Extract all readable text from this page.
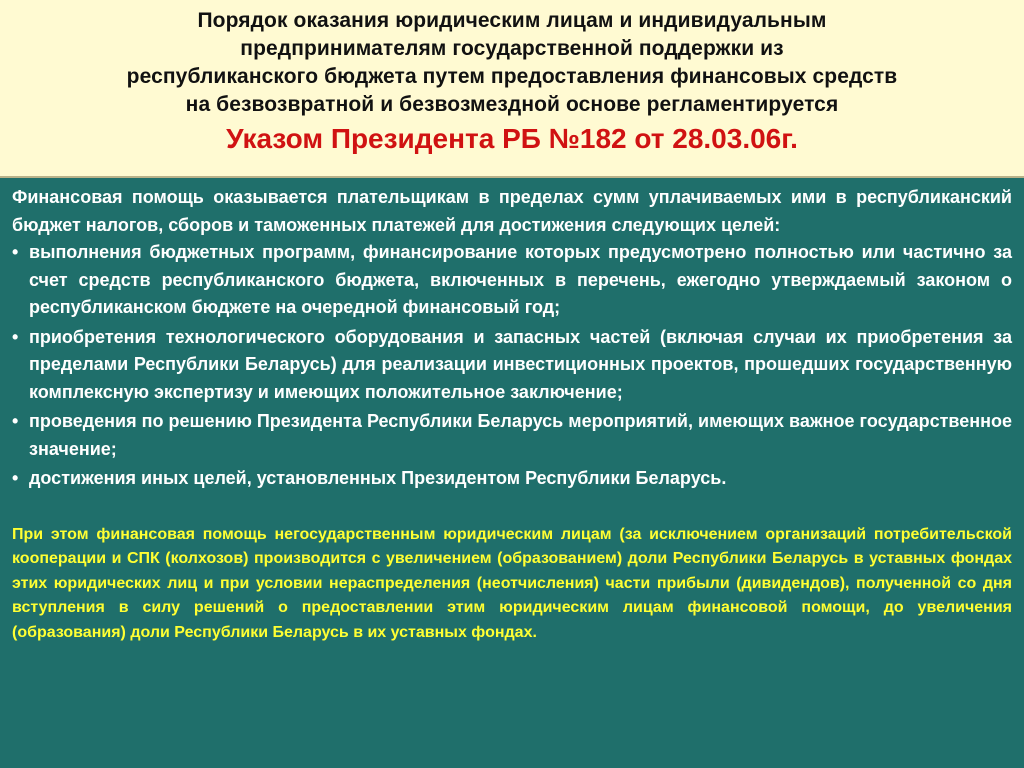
Порядок оказания юридическим лицам и индивидуальным
предпринимателям государственной поддержки из
республиканского бюджета путем предоставления финансовых средств
на безвозвратной и безвозмездной основе регламентируется
Указом Президента РБ №182 от 28.03.06г.

Финансовая помощь оказывается плательщикам в пределах сумм уплачиваемых ими в республиканский бюджет налогов, сборов и таможенных платежей для достижения следующих целей:

• выполнения бюджетных программ, финансирование которых предусмотрено полностью или частично за счет средств республиканского бюджета, включенных в перечень, ежегодно утверждаемый законом о республиканском бюджете на очередной финансовый год;
• приобретения технологического оборудования и запасных частей (включая случаи их приобретения за пределами Республики Беларусь) для реализации инвестиционных проектов, прошедших государственную комплексную экспертизу и имеющих положительное заключение;
• проведения по решению Президента Республики Беларусь мероприятий, имеющих важное государственное значение;
• достижения иных целей, установленных Президентом Республики Беларусь.

При этом финансовая помощь негосударственным юридическим лицам (за исключением организаций потребительской кооперации и СПК (колхозов) производится с увеличением (образованием) доли Республики Беларусь в уставных фондах этих юридических лиц и при условии нераспределения (неотчисления) части прибыли (дивидендов), полученной со дня вступления в силу решений о предоставлении этим юридическим лицам финансовой помощи, до увеличения (образования) доли Республики Беларусь в их уставных фондах.
